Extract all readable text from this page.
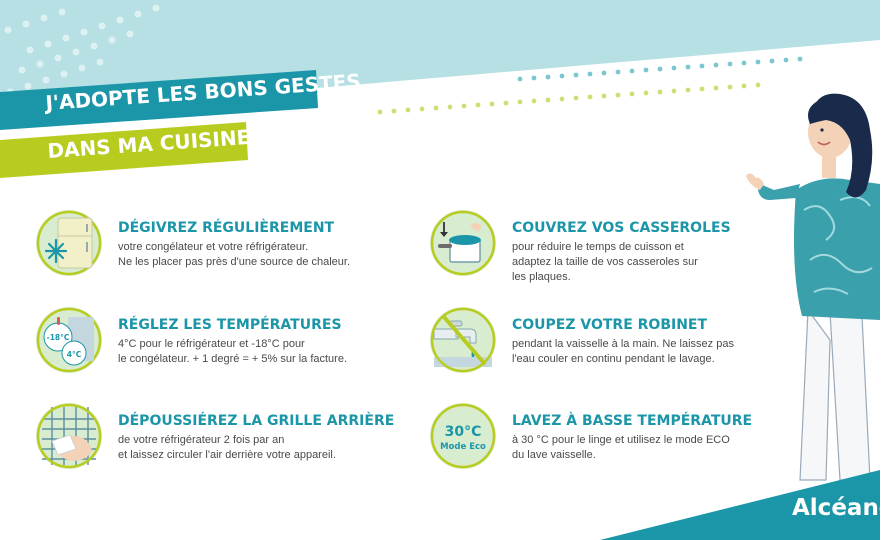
J'ADOPTE LES BONS GESTES
DANS MA CUISINE
DÉGIVREZ RÉGULIÈREMENT
votre congélateur et votre réfrigérateur.
Ne les placer pas près d'une source de chaleur.
-18°C
4°C
RÉGLEZ LES TEMPÉRATURES
4°C pour le réfrigérateur et -18°C pour
le congélateur. + 1 degré = + 5% sur la facture.
DÉPOUSSIÉREZ LA GRILLE ARRIÈRE
de votre réfrigérateur 2 fois par an
et laissez circuler l'air derrière votre appareil.
COUVREZ VOS CASSEROLES
pour réduire le temps de cuisson et
adaptez la taille de vos casseroles sur
les plaques.
COUPEZ VOTRE ROBINET
pendant la vaisselle à la main. Ne laissez pas
l'eau couler en continu pendant le lavage.
30°C
Mode Eco
LAVEZ À BASSE TEMPÉRATURE
à 30 °C pour le linge et utilisez le mode ECO
du lave vaisselle.
Alcéanc
